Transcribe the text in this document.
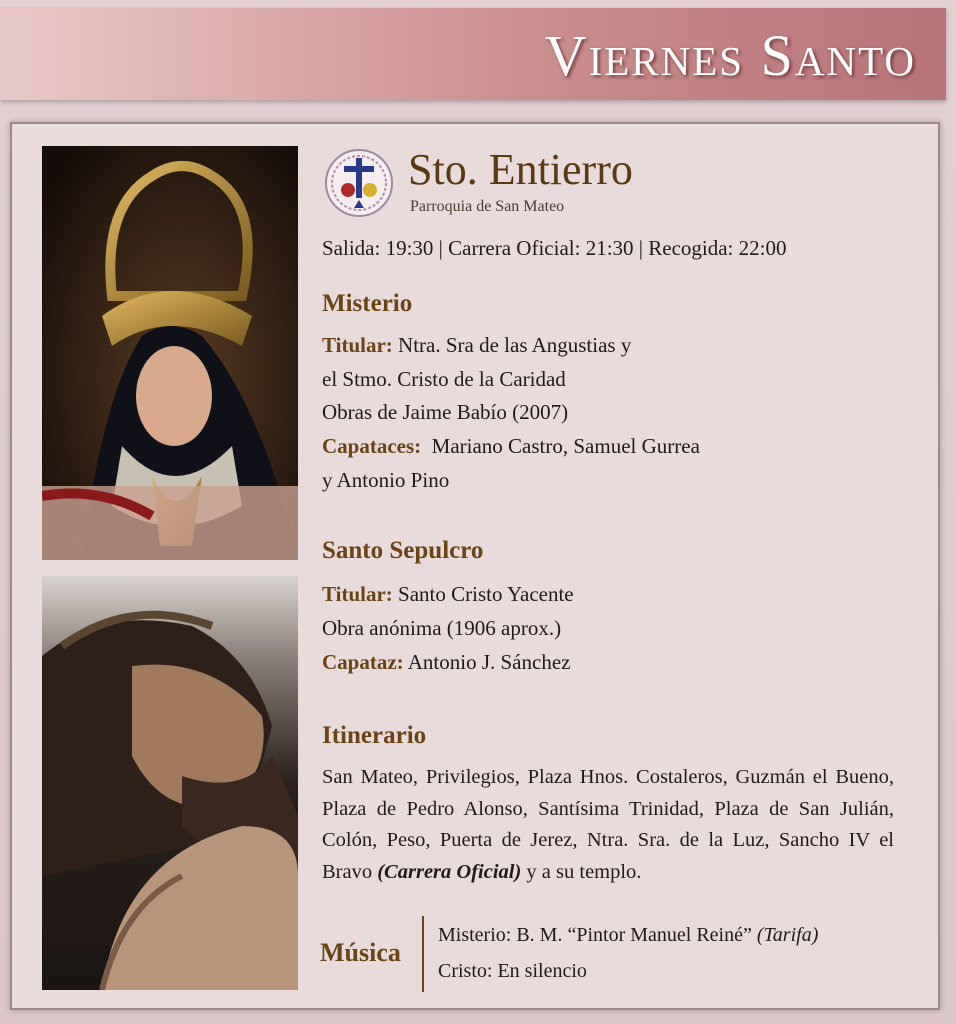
Viernes Santo
Sto. Entierro
Parroquia de San Mateo
Salida: 19:30 | Carrera Oficial: 21:30 | Recogida: 22:00
Misterio
Titular: Ntra. Sra de las Angustias y
el Stmo. Cristo de la Caridad
Obras de Jaime Babío (2007)
Capataces: Mariano Castro, Samuel Gurrea
y Antonio Pino
Santo Sepulcro
Titular: Santo Cristo Yacente
Obra anónima (1906 aprox.)
Capataz: Antonio J. Sánchez
Itinerario
San Mateo, Privilegios, Plaza Hnos. Costaleros, Guzmán el Bueno, Plaza de Pedro Alonso, Santísima Trinidad, Plaza de San Julián, Colón, Peso, Puerta de Jerez, Ntra. Sra. de la Luz, Sancho IV el Bravo (Carrera Oficial) y a su templo.
Música
Misterio: B. M. “Pintor Manuel Reiné” (Tarifa)
Cristo: En silencio
